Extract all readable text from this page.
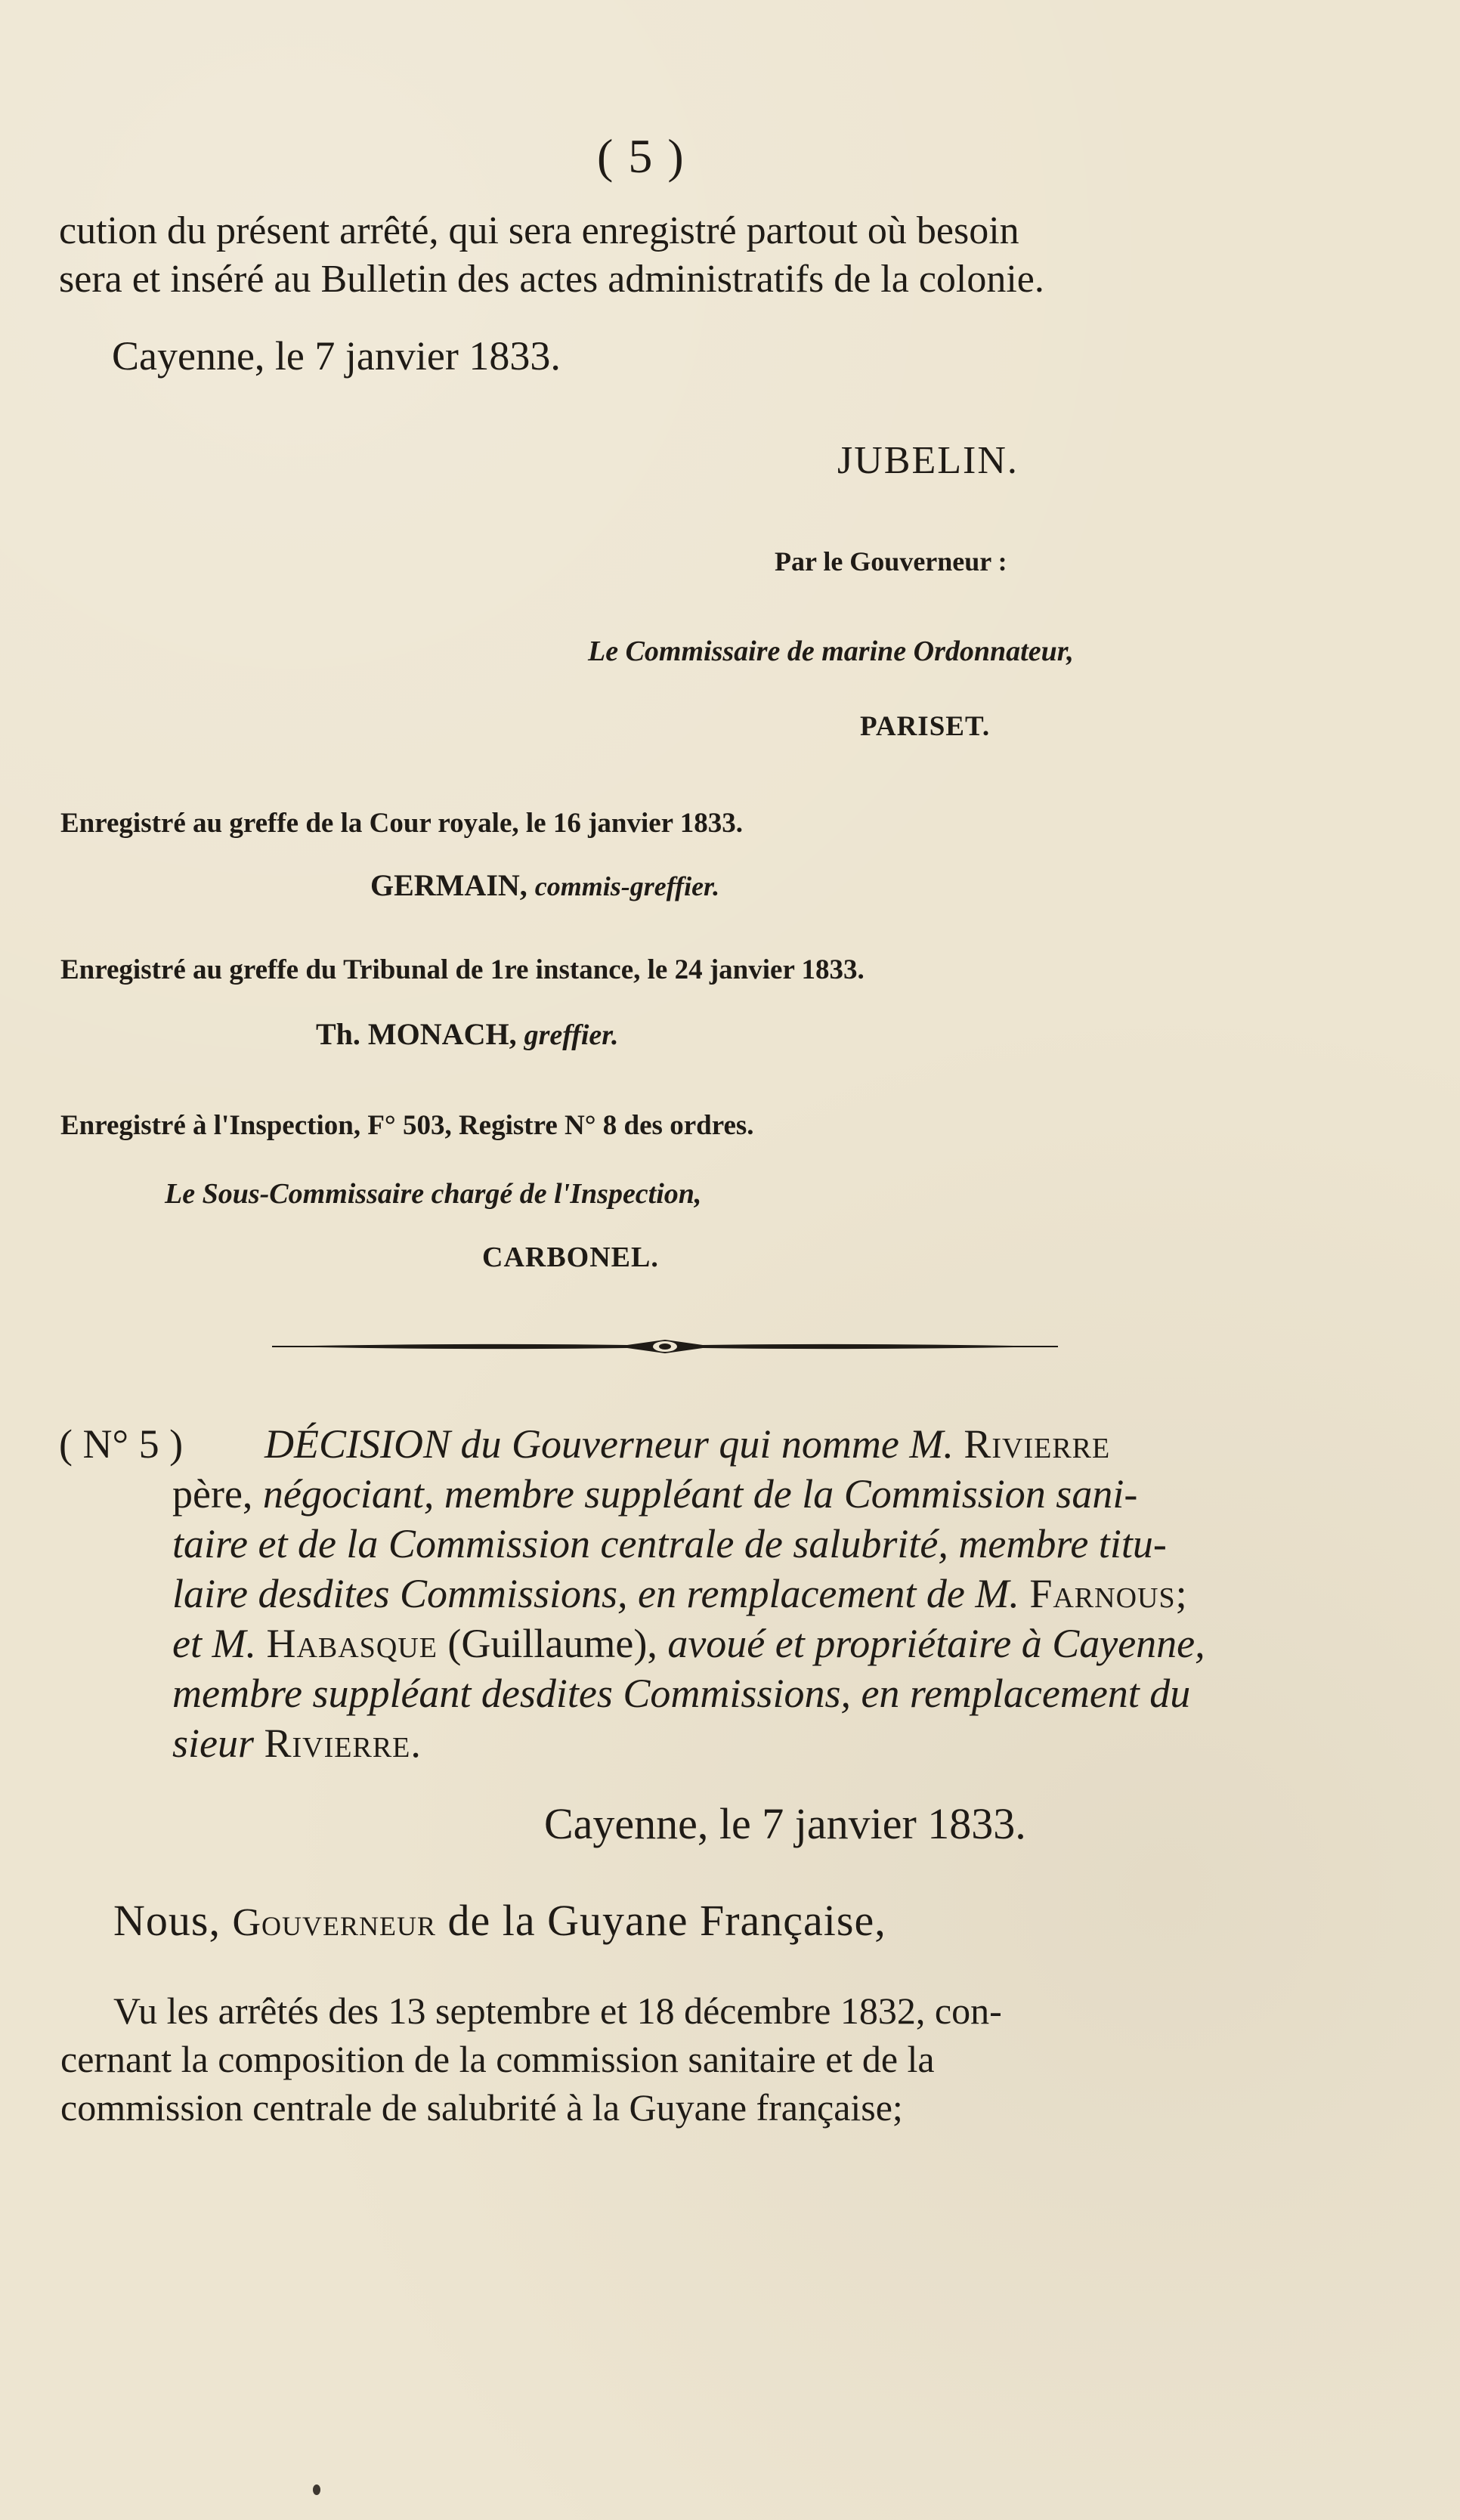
( 5 )
cution du présent arrêté, qui sera enregistré partout où besoin
sera et inséré au Bulletin des actes administratifs de la colonie.
Cayenne, le 7 janvier 1833.
JUBELIN.
Par le Gouverneur :
Le Commissaire de marine Ordonnateur,
PARISET.
Enregistré au greffe de la Cour royale, le 16 janvier 1833.
GERMAIN, commis-greffier.
Enregistré au greffe du Tribunal de 1re instance, le 24 janvier 1833.
Th. MONACH, greffier.
Enregistré à l'Inspection, F° 503, Registre N° 8 des ordres.
Le Sous-Commissaire chargé de l'Inspection,
CARBONEL.
( N° 5 ) DÉCISION du Gouverneur qui nomme M. Rivierre
père, négociant, membre suppléant de la Commission sani-
taire et de la Commission centrale de salubrité, membre titu-
laire desdites Commissions, en remplacement de M. Farnous;
et M. Habasque (Guillaume), avoué et propriétaire à Cayenne,
membre suppléant desdites Commissions, en remplacement du
sieur Rivierre.
Cayenne, le 7 janvier 1833.
Nous, Gouverneur de la Guyane Française,
Vu les arrêtés des 13 septembre et 18 décembre 1832, con-
cernant la composition de la commission sanitaire et de la
commission centrale de salubrité à la Guyane française;
